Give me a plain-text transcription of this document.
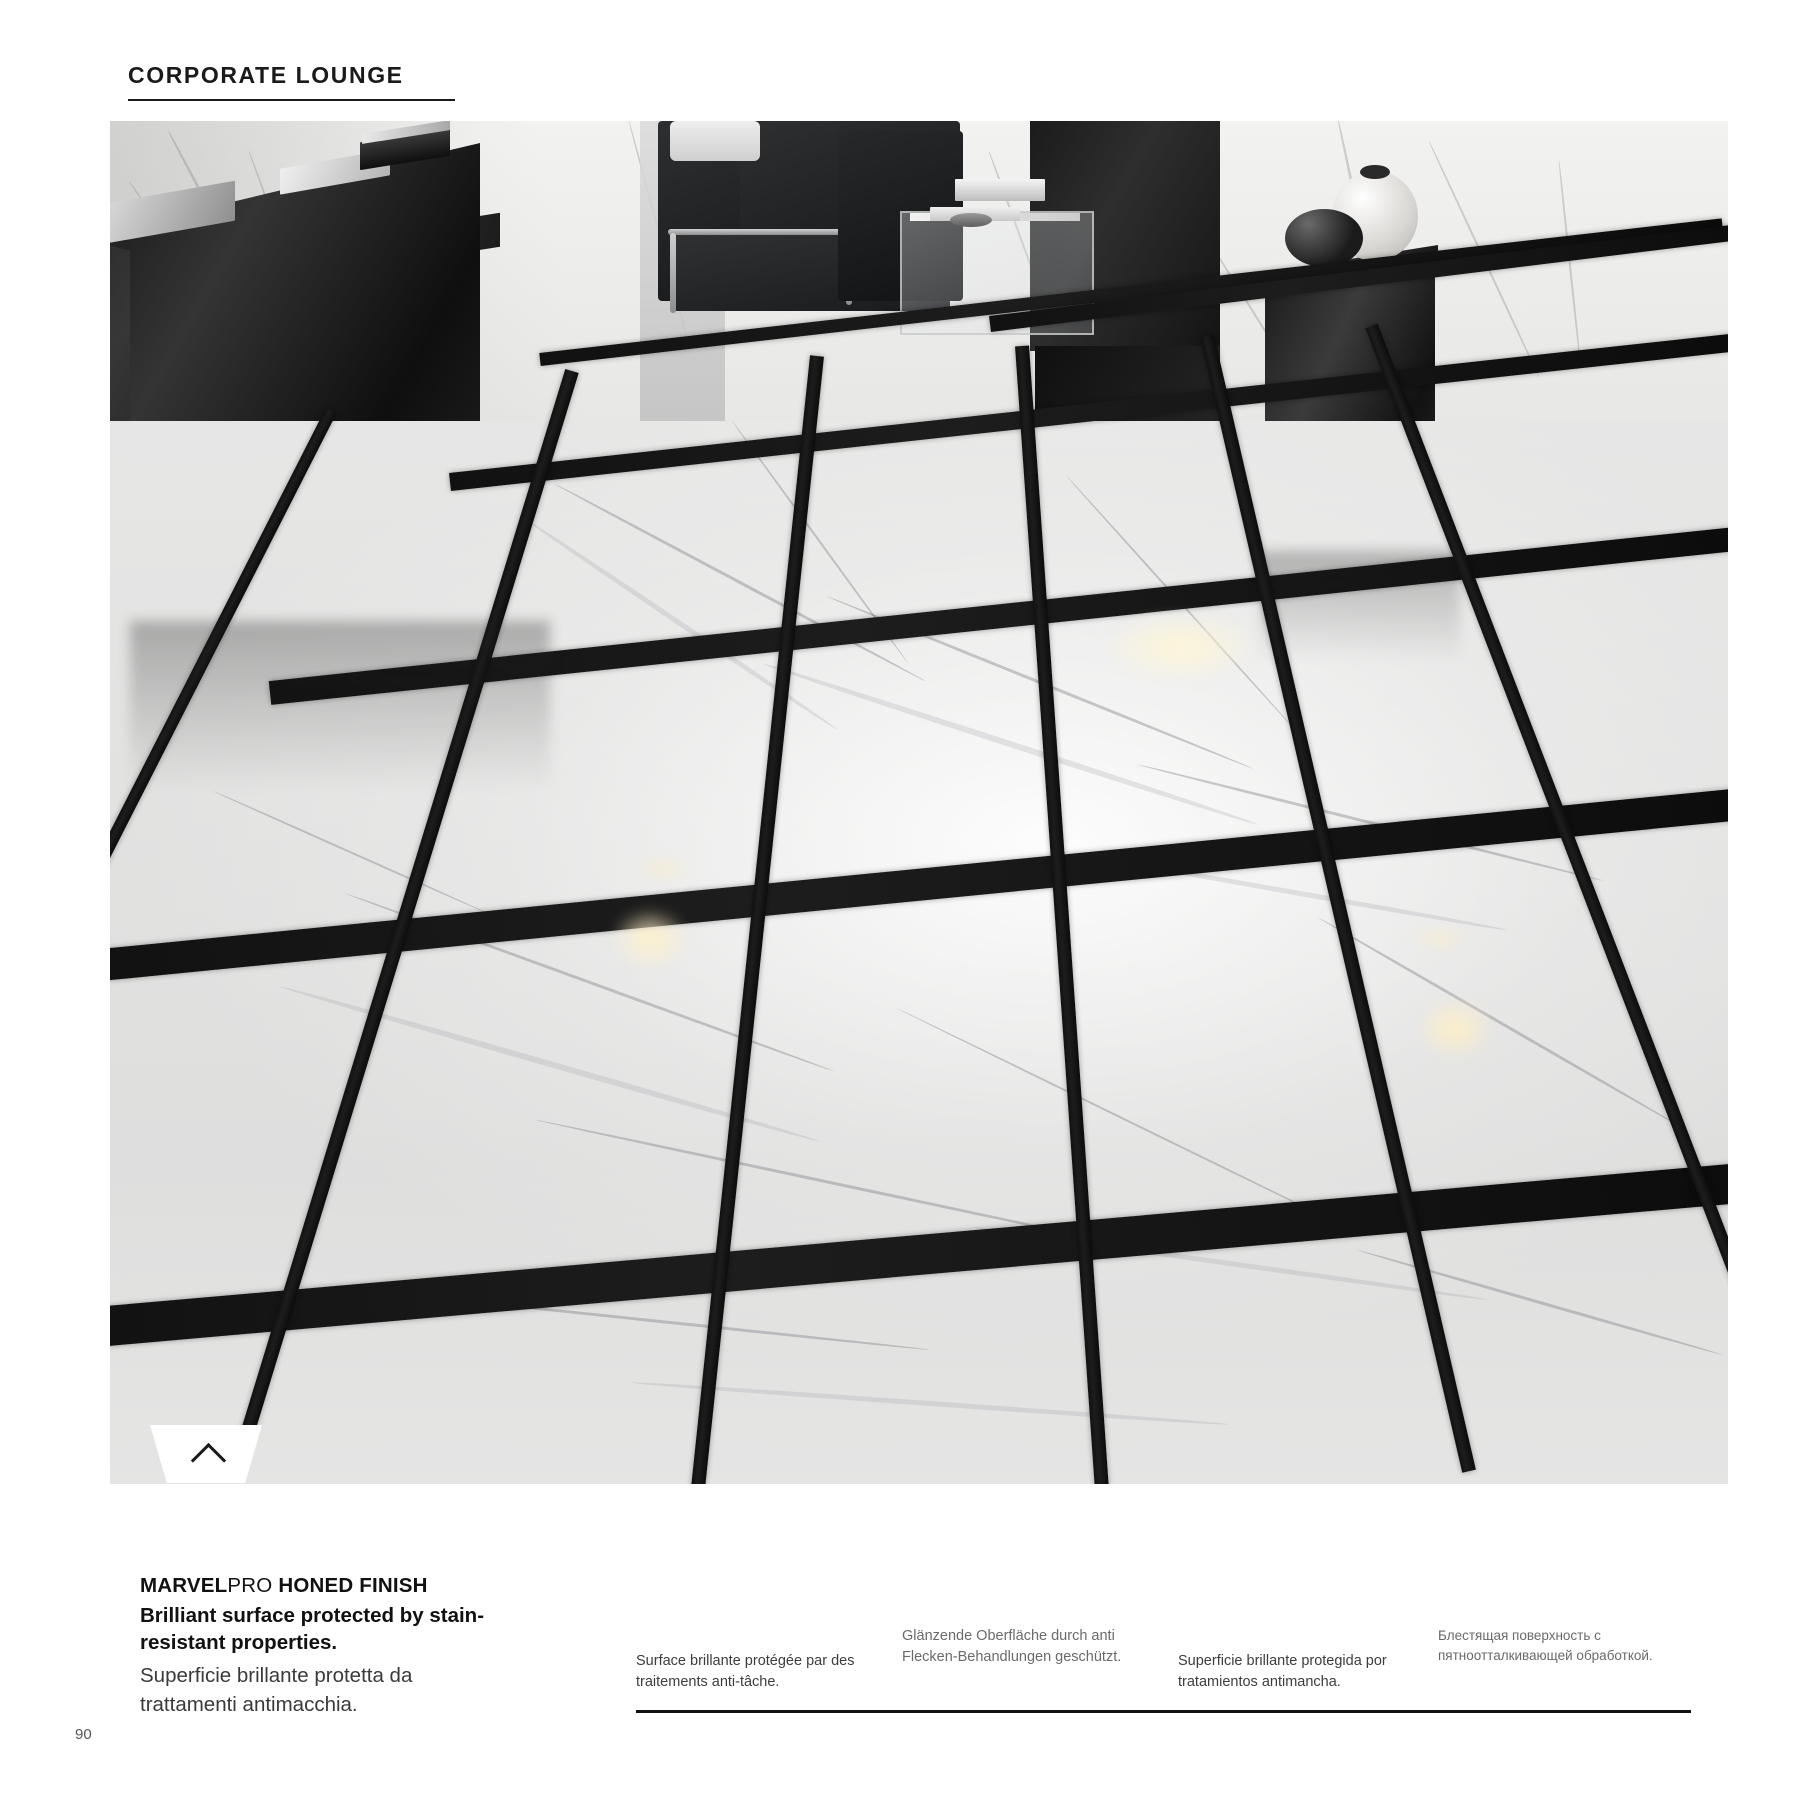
CORPORATE LOUNGE
MARVELPRO HONED FINISH
Brilliant surface protected by stain-resistant properties.
Superficie brillante protetta da trattamenti antimacchia.
Surface brillante protégée par des traitements anti-tâche.
Glänzende Oberfläche durch anti Flecken-Behandlungen geschützt.	Superficie brillante protegida por tratamientos antimancha.
Блестящая поверхность с пятноотталкивающей обработкой.
90
